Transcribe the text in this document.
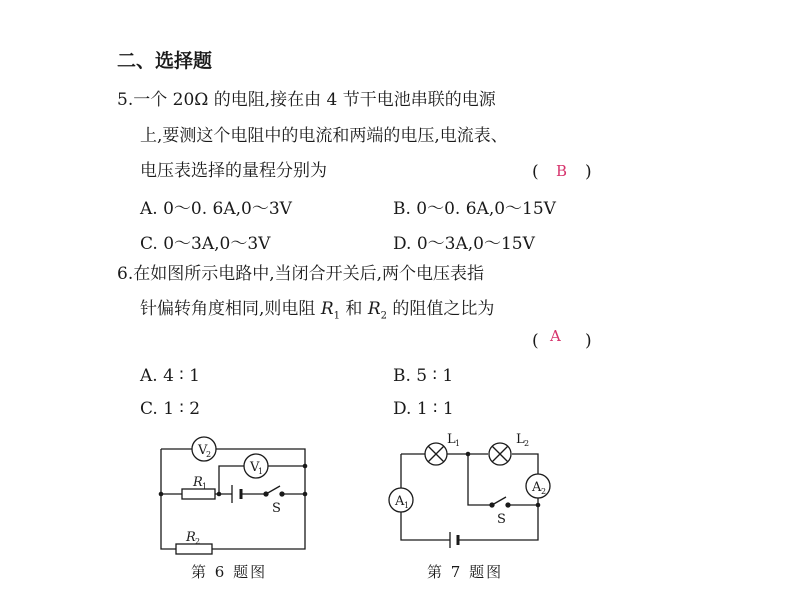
二、选择题
5.一个 20Ω 的电阻,接在由 4 节干电池串联的电源
上,要测这个电阻中的电流和两端的电压,电流表、
电压表选择的量程分别为	( B )
A. 0～0. 6A,0～3V	B. 0～0. 6A,0～15V
C. 0～3A,0～3V	D. 0～3A,0～15V
6.在如图所示电路中,当闭合开关后,两个电压表指
针偏转角度相同,则电阻 $R_1$ 和 $R_2$ 的阻值之比为
( A )
A. 4 ∶ 1	B. 5 ∶ 1
C. 1 ∶ 2	D. 1 ∶ 1
V
2
V
1
R 1
R 2
S
第 6 题图
A 1
A 2
L 1	L 2
S
第 7 题图
